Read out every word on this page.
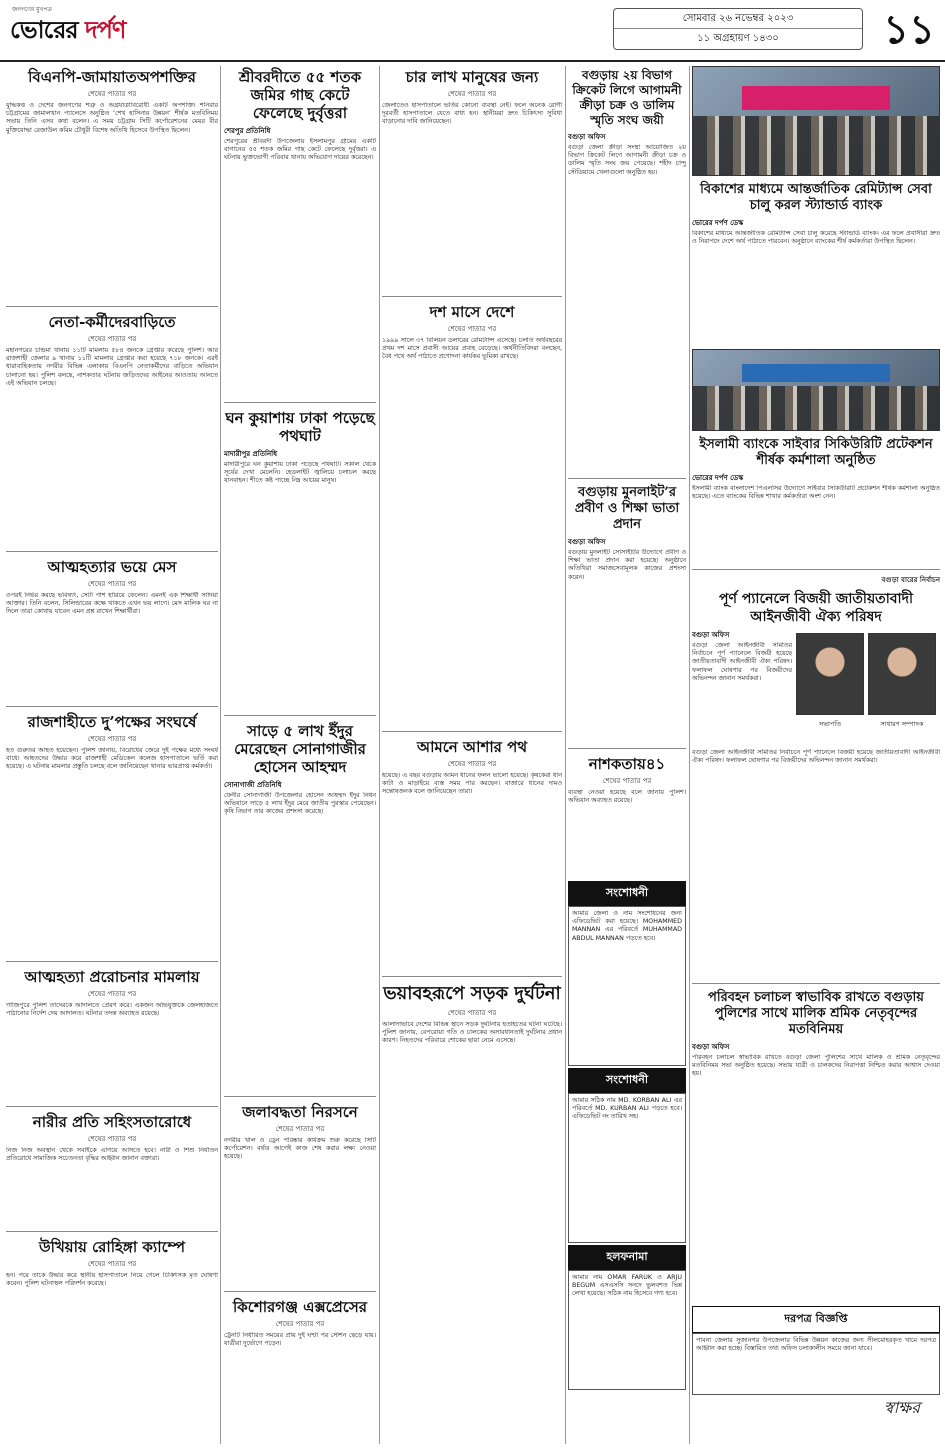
জনগণের মুখপত্র
ভোরের দর্পণ	সোমবার ২৬ নভেম্বর ২০২৩
১১ অগ্রহায়ণ ১৪৩০	১১
বিএনপি-জামায়াতঅপশক্তির
শেষের পাতার পর
যুদ্ধিকত্ত ও দেশের জনগণের শত্রু ও অগ্রযাত্রাবিরোধী একটি অপশক্তি। শনিবার চট্টগ্রামের জামালখান প্যালেসে অনুষ্ঠিত ‘শেখ হাসিনার উন্নয়ন’ শীর্ষক মতবিনিময় সভায় তিনি এসব কথা বলেন। এ সময় চট্টগ্রাম সিটি কর্পোরেশনের মেয়র বীর মুক্তিযোদ্ধা রেজাউল করিম চৌধুরী বিশেষ অতিথি হিসেবে উপস্থিত ছিলেন।
নেতা-কর্মীদেরবাড়িতে
শেষের পাতার পর
মহানগরের চন্দ্রিমা থানায় ১১টি মামলায় ৫৮৪ জনকে গ্রেপ্তার করেছে পুলিশ। আর রাজশাহী জেলার ৯ থানায় ১১টি মামলায় গ্রেপ্তার করা হয়েছে ৭১৮ জনকে। এরই ধারাবাহিকতায় নগরীর বিভিন্ন এলাকায় বিএনপি নেতাকর্মীদের বাড়িতে অভিযান চালানো হয়। পুলিশ বলছে, নাশকতার ঘটনায় জড়িতদের আইনের আওতায় আনতে এই অভিযান চলছে।
আত্মহত্যার ভয়ে মেস
শেষের পাতার পর
ওপরই নির্ভর করছে ভবিষ্যৎ, সেটা পাশ হারিয়ে ফেলেন। এমনই এক শিক্ষার্থী সাদিয়া আক্তার। তিনি বলেন, সিলিন্ডারের কক্ষে থাকতে এখন ভয় লাগে। মেস মালিক ঘর না দিলে তারা কোথায় যাবেন এমন প্রশ্ন রাখেন শিক্ষার্থীরা।
রাজশাহীতে দু’পক্ষের সংঘর্ষে
শেষের পাতার পর
হত গুরুতর আহত হয়েছেন। পুলিশ জানায়, বিরোধের জেরে দুই পক্ষের মধ্যে সংঘর্ষ বাধে। আহতদের উদ্ধার করে রাজশাহী মেডিকেল কলেজ হাসপাতালে ভর্তি করা হয়েছে। এ ঘটনায় মামলার প্রস্তুতি চলছে বলে জানিয়েছেন থানার ভারপ্রাপ্ত কর্মকর্তা।
আত্মহত্যা প্ররোচনার মামলায়
শেষের পাতার পর
গাজিপুরে পুলিশ তাদেরকে আদালতে প্রেরণ করে। একজন অভিযুক্তকে জেলহাজতে পাঠানোর নির্দেশ দেয় আদালত। ঘটনার তদন্ত অব্যাহত রয়েছে।
নারীর প্রতি সহিংসতারোধে
শেষের পাতার পর
নিজ নিজ অবস্থান থেকে সবাইকে এগিয়ে আসতে হবে। নারী ও শিশু নির্যাতন প্রতিরোধে সামাজিক সচেতনতা বৃদ্ধির আহ্বান জানান বক্তারা।
উখিয়ায় রোহিঙ্গা ক্যাম্পে
শেষের পাতার পর
হন। পরে তাকে উদ্ধার করে স্থানীয় হাসপাতালে নিয়ে গেলে চিকিৎসক মৃত ঘোষণা করেন। পুলিশ ঘটনাস্থল পরিদর্শন করেছে।
শ্রীবরদীতে ৫৫ শতক জমির গাছ কেটে ফেলেছে দুর্বৃত্তরা
শেরপুর প্রতিনিধি
শেরপুরের শ্রীবরদী উপজেলায় ইসলামপুর গ্রামের একটি বাগানের ৫৫ শতক জমির গাছ কেটে ফেলেছে দুর্বৃত্তরা। এ ঘটনায় ভুক্তভোগী পরিবার থানায় অভিযোগ দায়ের করেছেন।
ঘন কুয়াশায় ঢাকা পড়েছে পথঘাট
মাদারীপুর প্রতিনিধি
মাদারীপুরে ঘন কুয়াশায় ঢাকা পড়েছে পথঘাট। সকাল থেকে সূর্যের দেখা মেলেনি। হেডলাইট জ্বালিয়ে চলাচল করছে যানবাহন। শীতে কষ্ট পাচ্ছে নিম্ন আয়ের মানুষ।
সাড়ে ৫ লাখ ইঁদুর মেরেছেন সোনাগাজীর হোসেন আহম্মদ
সোনাগাজী প্রতিনিধি
ফেনীর সোনাগাজী উপজেলার হোসেন আহম্মদ ইঁদুর নিধন অভিযানে সাড়ে ৫ লাখ ইঁদুর মেরে জাতীয় পুরস্কার পেয়েছেন। কৃষি বিভাগ তার কাজের প্রশংসা করেছে।
জলাবদ্ধতা নিরসনে
শেষের পাতার পর
নগরীর খাল ও ড্রেন পরিষ্কার কার্যক্রম শুরু করেছে সিটি কর্পোরেশন। বর্ষার আগেই কাজ শেষ করার লক্ষ্য নেওয়া হয়েছে।
কিশোরগঞ্জ এক্সপ্রেসের
শেষের পাতার পর
ট্রেনটি নির্ধারিত সময়ের প্রায় দুই ঘণ্টা পর স্টেশন ছেড়ে যায়। যাত্রীরা দুর্ভোগে পড়েন।
চার লাখ মানুষের জন্য
শেষের পাতার পর
জেলাতেও হাসপাতালে ভর্তির কোনো ব্যবস্থা নেই। ফলে অনেক রোগী দূরবর্তী হাসপাতালে যেতে বাধ্য হন। স্থানীয়রা দ্রুত চিকিৎসা সুবিধা বাড়ানোর দাবি জানিয়েছেন।
দশ মাসে দেশে
শেষের পাতার পর
১৯৯৯ সালে ৩৭ বিলিয়ন ডলারের রেমিট্যান্স এসেছে। চলতি অর্থবছরের প্রথম দশ মাসে প্রবাসী আয়ের প্রবাহ বেড়েছে। অর্থনীতিবিদরা বলছেন, বৈধ পথে অর্থ পাঠাতে প্রণোদনা কার্যকর ভূমিকা রাখছে।
আমনে আশার পথ
শেষের পাতার পর
হয়েছে। এ বছর বগুড়ায় আমন ধানের ফলন ভালো হয়েছে। কৃষকেরা ধান কাটা ও মাড়াইয়ে ব্যস্ত সময় পার করছেন। বাজারে ধানের দামও সন্তোষজনক বলে জানিয়েছেন তারা।
ভয়াবহরূপে সড়ক দুর্ঘটনা
শেষের পাতার পর
আলাদাভাবে দেশের বিভিন্ন স্থানে সড়ক দুর্ঘটনায় হতাহতের ঘটনা ঘটেছে। পুলিশ জানায়, বেপরোয়া গতি ও চালকের অসাবধানতাই দুর্ঘটনার প্রধান কারণ। নিহতদের পরিবারে শোকের ছায়া নেমে এসেছে।
বগুড়ায় ২য় বিভাগ ক্রিকেট লিগে আগামনী ক্রীড়া চক্র ও ডালিম স্মৃতি সংঘ জয়ী
বগুড়া অফিস
বগুড়া জেলা ক্রীড়া সংস্থা আয়োজিত ২য় বিভাগ ক্রিকেট লিগে আগামনী ক্রীড়া চক্র ও ডালিম স্মৃতি সংঘ জয় পেয়েছে। শহীদ চান্দু স্টেডিয়ামে খেলাগুলো অনুষ্ঠিত হয়।
বগুড়ায় মুনলাইট’র প্রবীণ ও শিক্ষা ভাতা প্রদান
বগুড়া অফিস
বগুড়ায় মুনলাইট সোসাইটির উদ্যোগে প্রবীণ ও শিক্ষা ভাতা প্রদান করা হয়েছে। অনুষ্ঠানে অতিথিরা সমাজসেবামূলক কাজের প্রশংসা করেন।
নাশকতায়৪১
শেষের পাতার পর
ব্যবস্থা নেওয়া হয়েছে বলে জানায় পুলিশ। অভিযান অব্যাহত রয়েছে।
সংশোধনী
আমার জেলা ও নাম সংশোধনের জন্য এফিডেভিট করা হয়েছে। MOHAMMED MANNAN এর পরিবর্তে MUHAMMAD ABDUL MANNAN পড়তে হবে।
সংশোধনী
আমার সঠিক নাম MD. KORBAN ALI এর পরিবর্তে MD. KURBAN ALI পড়তে হবে। এফিডেভিট নং তারিখ সহ।
হলফনামা
আমার নাম OMAR FARUK ও ARJU BEGUM এসএসসি সনদে ভুলবশত ভিন্ন লেখা হয়েছে। সঠিক নাম হিসেবে গণ্য হবে।
বিকাশের মাধ্যমে আন্তর্জাতিক রেমিট্যান্স সেবা চালু করল স্ট্যান্ডার্ড ব্যাংক
ভোরের দর্পণ ডেস্ক
বিকাশের মাধ্যমে আন্তর্জাতিক রেমিট্যান্স সেবা চালু করেছে স্ট্যান্ডার্ড ব্যাংক। এর ফলে প্রবাসীরা দ্রুত ও নিরাপদে দেশে অর্থ পাঠাতে পারবেন। অনুষ্ঠানে ব্যাংকের শীর্ষ কর্মকর্তারা উপস্থিত ছিলেন।
ইসলামী ব্যাংকে সাইবার সিকিউরিটি প্রটেকশন শীর্ষক কর্মশালা অনুষ্ঠিত
ভোরের দর্পণ ডেস্ক
ইসলামী ব্যাংক বাংলাদেশ পিএলসির উদ্যোগে সাইবার সিকিউরিটি প্রটেকশন শীর্ষক কর্মশালা অনুষ্ঠিত হয়েছে। এতে ব্যাংকের বিভিন্ন শাখার কর্মকর্তারা অংশ নেন।
বগুড়া বারের নির্বাচন
পূর্ণ প্যানেলে বিজয়ী জাতীয়তাবাদী আইনজীবী ঐক্য পরিষদ
বগুড়া অফিস
বগুড়া জেলা আইনজীবী সমিতির নির্বাচনে পূর্ণ প্যানেলে বিজয়ী হয়েছে জাতীয়তাবাদী আইনজীবী ঐক্য পরিষদ। ফলাফল ঘোষণার পর বিজয়ীদের অভিনন্দন জানান সমর্থকরা।
সভাপতি	সাধারণ সম্পাদক
বগুড়া জেলা আইনজীবী সমিতির নির্বাচনে পূর্ণ প্যানেলে বিজয়ী হয়েছে জাতীয়তাবাদী আইনজীবী ঐক্য পরিষদ। ফলাফল ঘোষণার পর বিজয়ীদের অভিনন্দন জানান সমর্থকরা।
পরিবহন চলাচল স্বাভাবিক রাখতে বগুড়ায় পুলিশের সাথে মালিক শ্রমিক নেতৃবৃন্দের মতবিনিময়
বগুড়া অফিস
পরিবহন চলাচল স্বাভাবিক রাখতে বগুড়া জেলা পুলিশের সাথে মালিক ও শ্রমিক নেতৃবৃন্দের মতবিনিময় সভা অনুষ্ঠিত হয়েছে। সভায় যাত্রী ও চালকদের নিরাপত্তা নিশ্চিত করার আশ্বাস দেওয়া হয়।
দরপত্র বিজ্ঞপ্তি
পাবনা জেলার সুজানগর উপজেলার বিভিন্ন উন্নয়ন কাজের জন্য সীলমোহরকৃত খামে দরপত্র আহ্বান করা হচ্ছে। বিস্তারিত তথ্য অফিস চলাকালীন সময়ে জানা যাবে।
স্বাক্ষর
